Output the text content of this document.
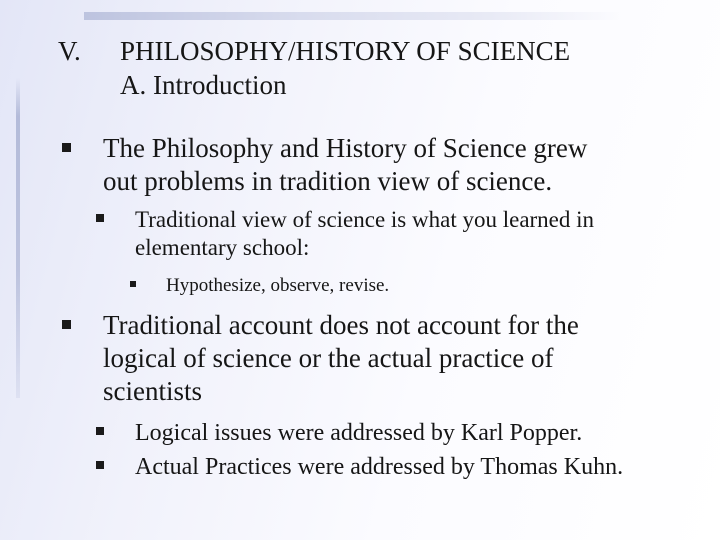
V.	PHILOSOPHY/HISTORY OF SCIENCE
A. Introduction
The Philosophy and History of Science grew
out problems in tradition view of science.
Traditional view of science is what you learned in
elementary school:
Hypothesize, observe, revise.
Traditional account does not account for the
logical of science or the actual practice of
scientists
Logical issues were addressed by Karl Popper.
Actual Practices were addressed by Thomas Kuhn.
